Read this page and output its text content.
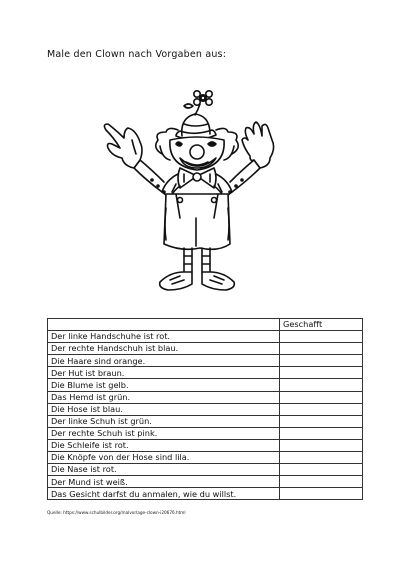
Male den Clown nach Vorgaben aus:
	Geschafft
Der linke Handschuhe ist rot.	
Der rechte Handschuh ist blau.	
Die Haare sind orange.	
Der Hut ist braun.	
Die Blume ist gelb.	
Das Hemd ist grün.	
Die Hose ist blau.	
Der linke Schuh ist grün.	
Der rechte Schuh ist pink.	
Die Schleife ist rot.	
Die Knöpfe von der Hose sind lila.	
Die Nase ist rot.	
Der Mund ist weiß.	
Das Gesicht darfst du anmalen, wie du willst.	
Quelle: https://www.schulbilder.org/malvorlage-clown-i20676.html
